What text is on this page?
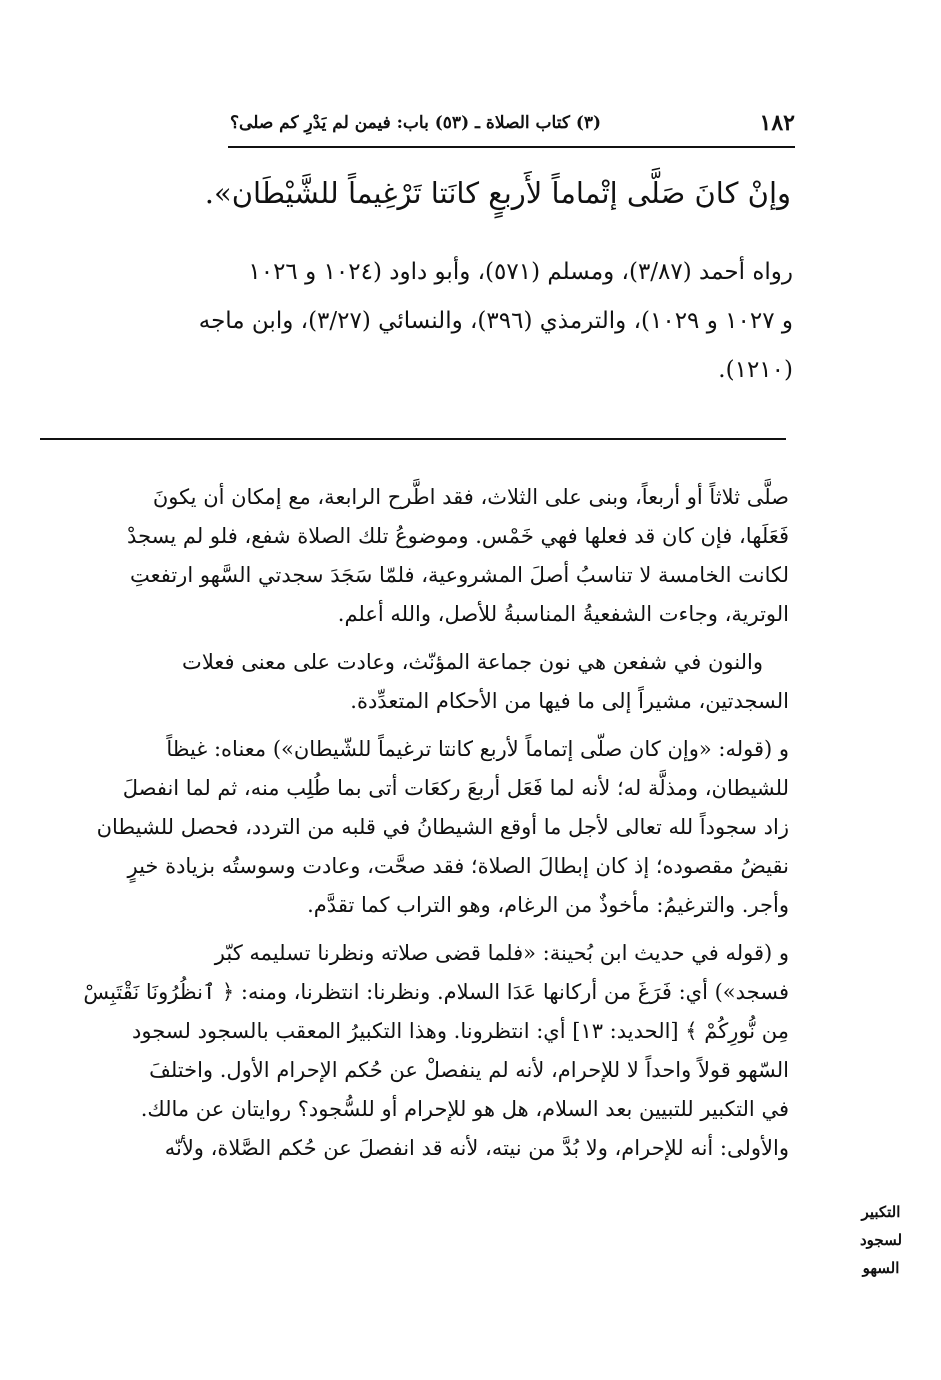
١٨٢
(٣) كتاب الصلاة ـ (٥٣) باب: فيمن لم يَدْرِ كم صلى؟
وإنْ كانَ صَلَّى إتْماماً لأَربعٍ كانَتا تَرْغِيماً للشَّيْطَان».
رواه أحمد (٣/٨٧)، ومسلم (٥٧١)، وأبو داود (١٠٢٤ و ١٠٢٦
و ١٠٢٧ و ١٠٢٩)، والترمذي (٣٩٦)، والنسائي (٣/٢٧)، وابن ماجه
(١٢١٠).
صلَّى ثلاثاً أو أربعاً، وبنى على الثلاث، فقد اطَّرح الرابعة، مع إمكان أن يكونَ
فَعَلَها، فإن كان قد فعلها فهي خَمْس. وموضوعُ تلك الصلاة شفع، فلو لم يسجدْ
لكانت الخامسة لا تناسبُ أصلَ المشروعية، فلمّا سَجَدَ سجدتي السَّهو ارتفعتِ
الوترية، وجاءت الشفعيةُ المناسبةُ للأصل، والله أعلم.
والنون في شفعن هي نون جماعة المؤنّث، وعادت على معنى فعلات
السجدتين، مشيراً إلى ما فيها من الأحكام المتعدِّدة.
و (قوله: «وإن كان صلّى إتماماً لأربع كانتا ترغيماً للشّيطان») معناه: غيظاً
للشيطان، ومذلَّة له؛ لأنه لما فَعَل أربعَ ركعَات أتى بما طُلِب منه، ثم لما انفصلَ
زاد سجوداً لله تعالى لأجل ما أوقع الشيطانُ في قلبه من التردد، فحصل للشيطان
نقيضُ مقصوده؛ إذ كان إبطالَ الصلاة؛ فقد صحَّت، وعادت وسوستُه بزيادة خيرٍ
وأجر. والترغيمُ: مأخوذٌ من الرغام، وهو التراب كما تقدَّم.
و (قوله في حديث ابن بُحينة: «فلما قضى صلاته ونظرنا تسليمه كبّر
فسجد») أي: فَرَغَ من أركانها عَدَا السلام. ونظرنا: انتظرنا، ومنه: ﴿ ٱنظُرُونَا نَقْتَبِسْ
مِن نُّورِكُمْ ﴾ [الحديد: ١٣] أي: انتظرونا. وهذا التكبيرُ المعقب بالسجود لسجود
السّهو قولاً واحداً لا للإحرام، لأنه لم ينفصلْ عن حُكم الإحرام الأول. واختلفَ
في التكبير للتبيين بعد السلام، هل هو للإحرام أو للسُّجود؟ روايتان عن مالك.
والأولى: أنه للإحرام، ولا بُدَّ من نيته، لأنه قد انفصلَ عن حُكم الصَّلاة، ولأنّه
التكبير لسجود
السهو
